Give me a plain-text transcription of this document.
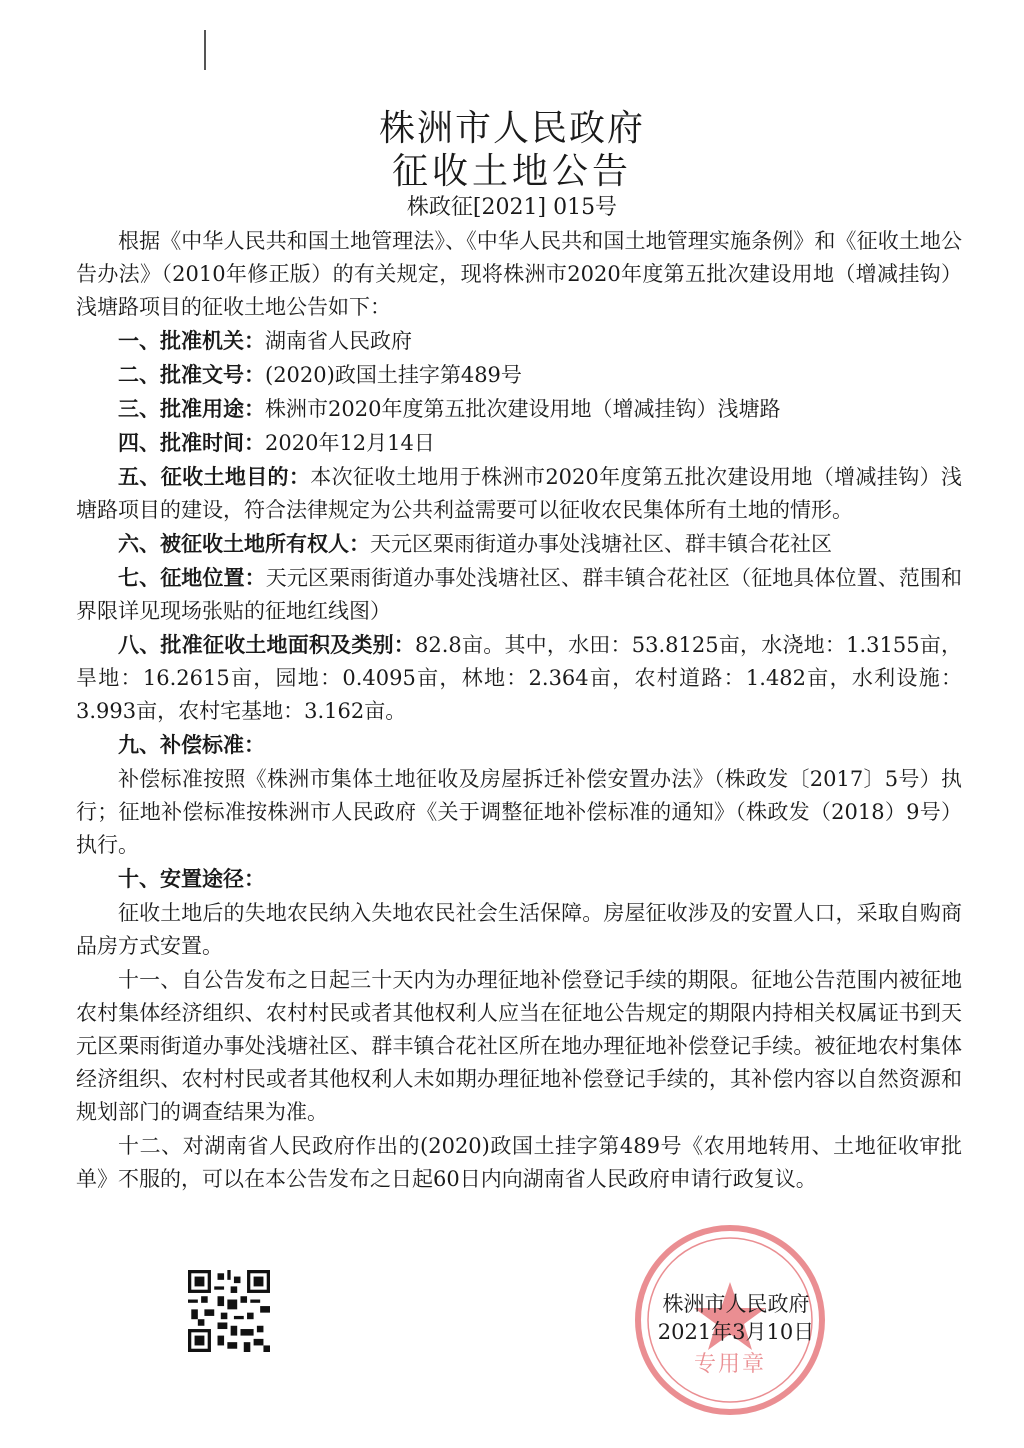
株洲市人民政府
征收土地公告
株政征[2021] 015号

根据《中华人民共和国土地管理法》、《中华人民共和国土地管理实施条例》和《征收土地公告办法》（2010年修正版）的有关规定，现将株洲市2020年度第五批次建设用地（增减挂钩）浅塘路项目的征收土地公告如下：

一、批准机关：湖南省人民政府

二、批准文号：(2020)政国土挂字第489号

三、批准用途：株洲市2020年度第五批次建设用地（增减挂钩）浅塘路

四、批准时间：2020年12月14日

五、征收土地目的：本次征收土地用于株洲市2020年度第五批次建设用地（增减挂钩）浅塘路项目的建设，符合法律规定为公共利益需要可以征收农民集体所有土地的情形。

六、被征收土地所有权人：天元区栗雨街道办事处浅塘社区、群丰镇合花社区

七、征地位置：天元区栗雨街道办事处浅塘社区、群丰镇合花社区（征地具体位置、范围和界限详见现场张贴的征地红线图）

八、批准征收土地面积及类别：82.8亩。其中，水田：53.8125亩，水浇地：1.3155亩，旱地：16.2615亩，园地：0.4095亩，林地：2.364亩，农村道路：1.482亩，水利设施：3.993亩，农村宅基地：3.162亩。

九、补偿标准：

补偿标准按照《株洲市集体土地征收及房屋拆迁补偿安置办法》（株政发〔2017〕5号）执行；征地补偿标准按株洲市人民政府《关于调整征地补偿标准的通知》（株政发（2018）9号）执行。

十、安置途径：

征收土地后的失地农民纳入失地农民社会生活保障。房屋征收涉及的安置人口，采取自购商品房方式安置。

十一、自公告发布之日起三十天内为办理征地补偿登记手续的期限。征地公告范围内被征地农村集体经济组织、农村村民或者其他权利人应当在征地公告规定的期限内持相关权属证书到天元区栗雨街道办事处浅塘社区、群丰镇合花社区所在地办理征地补偿登记手续。被征地农村集体经济组织、农村村民或者其他权利人未如期办理征地补偿登记手续的，其补偿内容以自然资源和规划部门的调查结果为准。

十二、对湖南省人民政府作出的(2020)政国土挂字第489号《农用地转用、土地征收审批单》不服的，可以在本公告发布之日起60日内向湖南省人民政府申请行政复议。

专用章
株洲市人民政府
2021年3月10日
